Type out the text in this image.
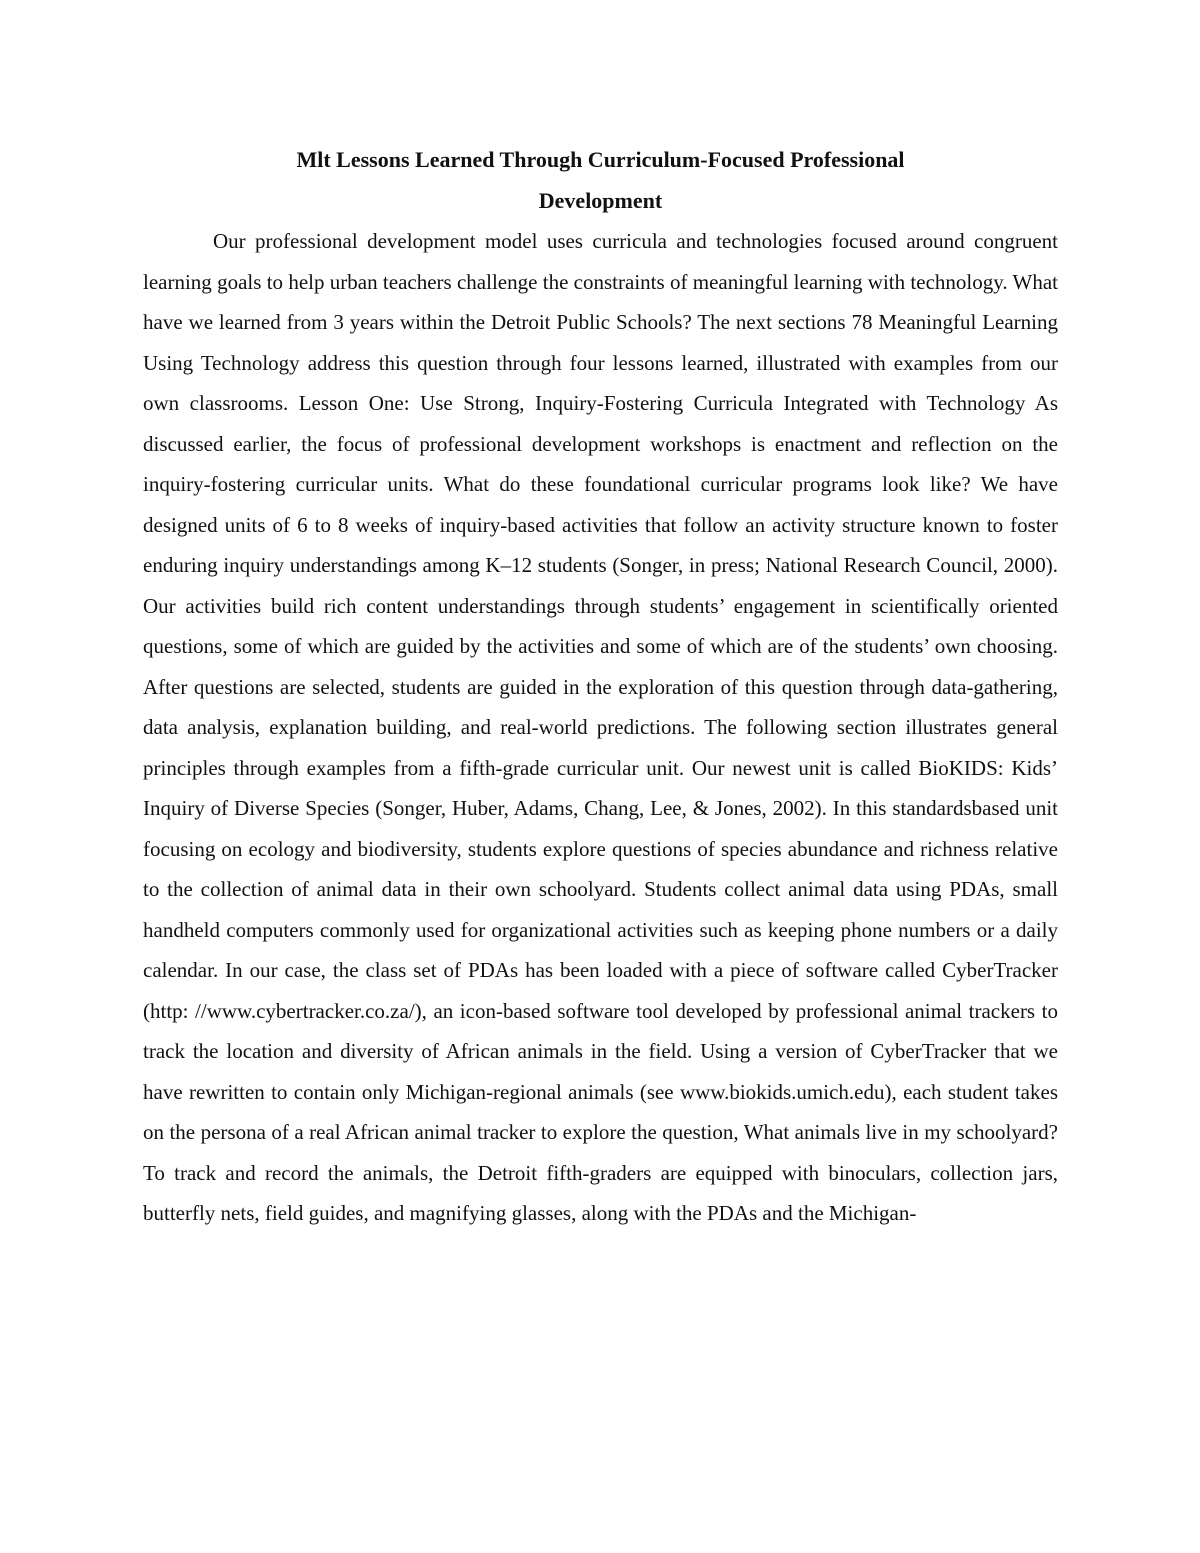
Mlt Lessons Learned Through Curriculum-Focused Professional
Development

Our professional development model uses curricula and technologies focused around congruent learning goals to help urban teachers challenge the constraints of meaningful learning with technology. What have we learned from 3 years within the Detroit Public Schools? The next sections 78 Meaningful Learning Using Technology address this question through four lessons learned, illustrated with examples from our own classrooms. Lesson One: Use Strong, Inquiry-Fostering Curricula Integrated with Technology As discussed earlier, the focus of professional development workshops is enactment and reflection on the inquiry-fostering curricular units. What do these foundational curricular programs look like? We have designed units of 6 to 8 weeks of inquiry-based activities that follow an activity structure known to foster enduring inquiry understandings among K–12 students (Songer, in press; National Research Council, 2000). Our activities build rich content understandings through students’ engagement in scientifically oriented questions, some of which are guided by the activities and some of which are of the students’ own choosing. After questions are selected, students are guided in the exploration of this question through data-gathering, data analysis, explanation building, and real-world predictions. The following section illustrates general principles through examples from a fifth-grade curricular unit. Our newest unit is called BioKIDS: Kids’ Inquiry of Diverse Species (Songer, Huber, Adams, Chang, Lee, & Jones, 2002). In this standardsbased unit focusing on ecology and biodiversity, students explore questions of species abundance and richness relative to the collection of animal data in their own schoolyard. Students collect animal data using PDAs, small handheld computers commonly used for organizational activities such as keeping phone numbers or a daily calendar. In our case, the class set of PDAs has been loaded with a piece of software called CyberTracker (http: //www.cybertracker.co.za/), an icon-based software tool developed by professional animal trackers to track the location and diversity of African animals in the field. Using a version of CyberTracker that we have rewritten to contain only Michigan-regional animals (see www.biokids.umich.edu), each student takes on the persona of a real African animal tracker to explore the question, What animals live in my schoolyard? To track and record the animals, the Detroit fifth-graders are equipped with binoculars, collection jars, butterfly nets, field guides, and magnifying glasses, along with the PDAs and the Michigan-
